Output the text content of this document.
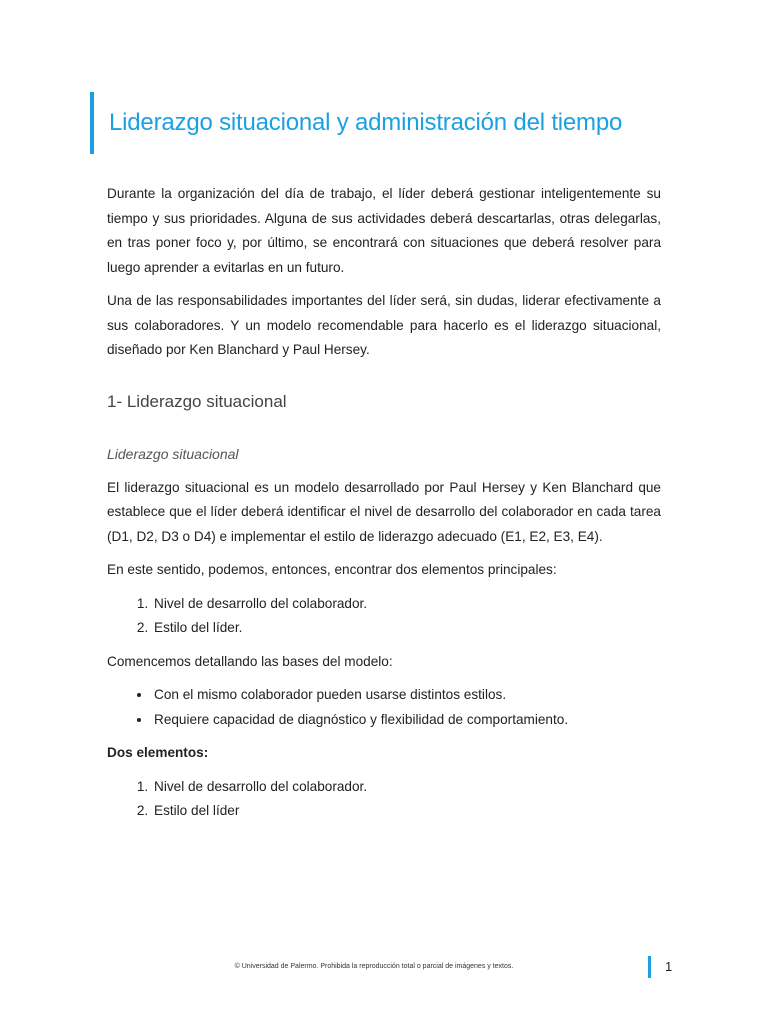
Liderazgo situacional y administración del tiempo

Durante la organización del día de trabajo, el líder deberá gestionar inteligentemente su tiempo y sus prioridades. Alguna de sus actividades deberá descartarlas, otras delegarlas, en tras poner foco y, por último, se encontrará con situaciones que deberá resolver para luego aprender a evitarlas en un futuro.

Una de las responsabilidades importantes del líder será, sin dudas, liderar efectivamente a sus colaboradores. Y un modelo recomendable para hacerlo es el liderazgo situacional, diseñado por Ken Blanchard y Paul Hersey.

1- Liderazgo situacional
Liderazgo situacional

El liderazgo situacional es un modelo desarrollado por Paul Hersey y Ken Blanchard que establece que el líder deberá identificar el nivel de desarrollo del colaborador en cada tarea (D1, D2, D3 o D4) e implementar el estilo de liderazgo adecuado (E1, E2, E3, E4).

En este sentido, podemos, entonces, encontrar dos elementos principales:

1. Nivel de desarrollo del colaborador.
2. Estilo del líder.

Comencemos detallando las bases del modelo:

• Con el mismo colaborador pueden usarse distintos estilos.
• Requiere capacidad de diagnóstico y flexibilidad de comportamiento.

Dos elementos:

1. Nivel de desarrollo del colaborador.
2. Estilo del líder
© Universidad de Palermo. Prohibida la reproducción total o parcial de imágenes y textos.	1
